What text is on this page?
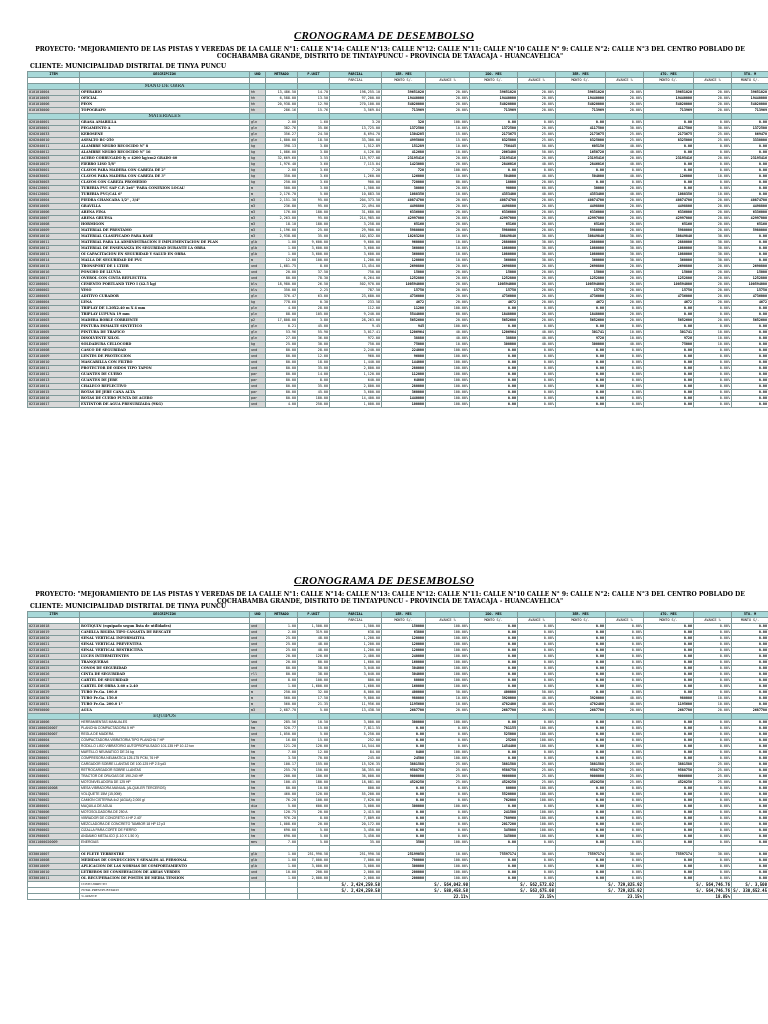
CRONOGRAMA DE DESEMBOLSO
PROYECTO: "MEJORAMIENTO DE LAS PISTAS Y VEREDAS DE LA CALLE N°1: CALLE N°14: CALLE N°13: CALLE N°12: CALLE N°11: CALLE N°10 CALLE N° 9: CALLE N°2: CALLE N°3 DEL CENTRO POBLADO DE COCHABAMBA GRANDE, DISTRITO DE TINTAYPUNCU - PROVINCIA DE TAYACAJA - HUANCAVELICA"
CLIENTE: MUNICIPALIDAD DISTRITAL DE TINYA PUNCU
ITEM	DESCRIPCION	UND	METRADO	P.UNIT	PARCIAL	1ER. MES		2DO. MES		3ER. MES		4TO. MES		5TO. M
					PARCIAL	MONTO S/.	AVANCE %	MONTO S/.	AVANCE %	MONTO S/.	AVANCE %	MONTO S/.	AVANCE %	MONTO S/.
	MANO DE OBRA													
0101010004	OPERARIO	hh	13,486.50	14.70	198,255.10	39651020	20.00%	39651020	20.00%	39651020	20.00%	39651020	20.00%	39651020
0101010005	OFICIAL	hh	6,588.00	13.50	97,200.00	19440000	20.00%	19440000	20.00%	19440000	20.00%	19440000	20.00%	19440000
0101010006	PEON	hh	20,938.00	12.90	270,100.00	54020000	20.00%	54020000	20.00%	54020000	20.00%	54020000	20.00%	54020000
0101030000	TOPOGRAFO	hh	286.16	15.76	3,569.84	713969	20.00%	713969	20.00%	713969	20.00%	713969	20.00%	713969
	MATERIALES													
0201040001	GRASA AMARILLA	gln	2.00	1.60	3.20	320	100.00%	0.00	0.00%	0.00	0.00%	0.00	0.00%	0.00
0201050001	PEGAMENTO A	gln	382.76	35.86	13,725.00	1372500	10.00%	1372500	20.00%	4117500	30.00%	4117500	30.00%	1372500
0202010033	KEROSENE	gln	356.27	24.50	8,694.70	1304205	15.00%	2173675	25.00%	2173675	25.00%	2173675	25.00%	869470
0202040010	ASFALTO RC-250	gln	1,800.00	18.50	33,300.00	4995000	15.00%	8325000	25.00%	8325000	25.00%	8325000	25.00%	3330000
0202040011	ALAMBRE NEGRO RECOCIDO N° 8	kg	398.13	3.80	1,512.89	151289	10.00%	756445	50.00%	605156	40.00%	0.00	0.00%	0.00
0202040012	ALAMBRE NEGRO RECOCIDO N° 16	kg	1,086.00	3.80	4,126.80	412680	10.00%	2063400	50.00%	1650720	40.00%	0.00	0.00%	0.00
0203020003	ACERO CORRUGADO fy = 4200 kg/cm2 GRADO 60	kg	32,669.60	3.55	115,977.08	23195416	20.00%	23195416	20.00%	23195416	20.00%	23195416	20.00%	23195416
0204010029	FIERRO LISO 5/8"	kg	1,976.40	3.60	7,115.04	1423008	20.00%	2846016	40.00%	2846016	40.00%	0.00	0.00%	0.00
0204030001	CLAVOS PARA MADERA CON CABEZA DE 2"	kg	2.00	3.60	7.20	720	100.00%	0.00	0.00%	0.00	0.00%	0.00	0.00%	0.00
0204030002	CLAVOS PARA MADERA CON CABEZA DE 3"	kg	350.00	3.60	1,260.00	126000	10.00%	504000	40.00%	504000	40.00%	126000	10.00%	0.00
0204030003	CLAVOS CON CABEZA PROMEDIO	kg	250.00	3.60	900.00	720000	80.00%	18000	20.00%	0.00	0.00%	0.00	0.00%	0.00
0204120001	TUBERIA PVC SAP C.P. 2x6" 'PARA CONEXION LOCAL'	m	500.00	3.00	1,500.00	30000	20.00%	90000	60.00%	30000	20.00%	0.00	0.00%	0.00
0204120002	TUBERIA PVC/CAL 6"	m	2,176.70	5.00	10,883.50	1088350	10.00%	4353400	40.00%	4353400	40.00%	1088350	10.00%	0.00
0205010004	PIEDRA CHANCADA 1/2" , 3/4"	m3	2,151.30	95.00	204,373.50	40874700	20.00%	40874700	20.00%	40874700	20.00%	40874700	20.00%	40874700
0205010005	GRAVILLA	m3	236.80	95.00	22,494.00	4498800	20.00%	4498800	20.00%	4498800	20.00%	4498800	20.00%	4498800
0205010006	ARENA FINA	m3	176.00	180.00	31,680.00	6336000	20.00%	6336000	20.00%	6336000	20.00%	6336000	20.00%	6336000
0205010007	ARENA GRUESA	m3	2,263.00	95.00	214,985.00	42997000	20.00%	42997000	20.00%	42997000	20.00%	42997000	20.00%	42997000
0205010008	HORMIGON	m3	18.10	180.00	3,258.00	65160	20.00%	65160	20.00%	65160	20.00%	65160	20.00%	65160
0205010009	MATERIAL DE PRESTAMO	m3	1,196.00	25.00	29,900.00	5980000	20.00%	5980000	20.00%	5980000	20.00%	5980000	20.00%	5980000
0205010010	MATERIAL CLASIFICADO PARA BASE	m3	2,938.08	35.00	102,832.80	10283280	10.00%	30849840	30.00%	30849840	30.00%	30849840	30.00%	0.00
0205010011	MATERIAL PARA LA ADMINISTRACION E IMPLEMENTACION DE PLAN	glb	1.00	9,600.00	9,600.00	960000	10.00%	2880000	30.00%	2880000	30.00%	2880000	30.00%	0.00
0205010012	MATERIAL DE ENSEÑANZA EN SEGURIDAD DURANTE LA OBRA	glb	1.00	3,600.00	3,600.00	360000	10.00%	1080000	30.00%	1080000	30.00%	1080000	30.00%	0.00
0205010013	OI CAPACITACION EN SEGURIDAD Y SALUD EN OBRA	glb	1.00	3,600.00	3,600.00	360000	10.00%	1080000	30.00%	1080000	30.00%	1080000	30.00%	0.00
0205010014	MALLA DE SEGURIDAD DE PVC	m	12.00	100.00	1,200.00	120000	10.00%	360000	30.00%	360000	30.00%	360000	30.00%	0.00
0205010015	TRONSPORT DE 1 LTIER	und	1,681.75	8.00	13,454.00	2690800	20.00%	2690800	20.00%	2690800	20.00%	2690800	20.00%	2690800
0205010016	PONCHO DE LLUVIA	und	20.00	37.50	750.00	15000	20.00%	15000	20.00%	15000	20.00%	15000	20.00%	15000
0205010017	OVEROL CON CINTA REFLECTIVA	und	80.00	78.30	6,264.00	1252800	20.00%	1252800	20.00%	1252800	20.00%	1252800	20.00%	1252800
0221000001	CEMENTO PORTLAND TIPO I (42.5 kg)	bls	18,980.00	26.50	502,970.00	100594000	20.00%	100594000	20.00%	100594000	20.00%	100594000	20.00%	100594000
0221000002	YESO	bls	350.00	2.25	787.50	15750	20.00%	15750	20.00%	15750	20.00%	15750	20.00%	15750
0221000003	ADITIVO CURADOR	gln	376.47	63.00	23,680.00	4736000	20.00%	4736000	20.00%	4736000	20.00%	4736000	20.00%	4736000
0221000004	LEÑA	kg	778.60	0.30	233.58	4672	20.00%	4672	20.00%	4672	20.00%	4672	20.00%	4672
0231010001	TRIPLAY DE 1.20X2.40 m X 4 mm	pln	4.00	28.00	112.00	11200	100.00%	0.00	0.00%	0.00	0.00%	0.00	0.00%	0.00
0231010002	TRIPLAY LUPUNA 19 mm	pln	88.00	105.00	9,240.00	5544000	60.00%	1848000	20.00%	1848000	20.00%	0.00	0.00%	0.00
0231010003	MADERA ROBLE CORRIENTE	p2	17,808.00	3.80	28,263.00	5652600	20.00%	5652600	20.00%	5652600	20.00%	5652600	20.00%	5652600
0231010004	PINTURA ESMALTE SINTETICO	gln	0.21	45.00	9.45	945	100.00%	0.00	0.00%	0.00	0.00%	0.00	0.00%	0.00
0231010005	PINTURA DE TRAFICO	gln	53.96	55.90	3,017.41	1206964	40.00%	1206964	40.00%	301741	10.00%	301741	10.00%	0.00
0231010006	DISOLVENTE XILOL	gln	27.00	36.00	972.00	38880	40.00%	38880	40.00%	9720	10.00%	9720	10.00%	0.00
0231010007	SOLDADURA CELLOCORD	kg	25.00	30.00	750.00	75000	10.00%	300000	40.00%	300000	40.00%	75000	10.00%	0.00
0231010008	CASCO DE SEGURIDAD	und	80.00	28.00	2,240.00	224000	100.00%	0.00	0.00%	0.00	0.00%	0.00	0.00%	0.00
0231010009	LENTES DE PROTECCION	und	80.00	12.00	960.00	96000	100.00%	0.00	0.00%	0.00	0.00%	0.00	0.00%	0.00
0231010010	MASCARILLA CON FILTRO	und	80.00	18.00	1,440.00	144000	100.00%	0.00	0.00%	0.00	0.00%	0.00	0.00%	0.00
0231010011	PROTECTOR DE OIDOS TIPO TAPON	und	80.00	35.00	2,800.00	280000	100.00%	0.00	0.00%	0.00	0.00%	0.00	0.00%	0.00
0231010012	GUANTES DE CUERO	par	80.00	14.00	1,120.00	112000	100.00%	0.00	0.00%	0.00	0.00%	0.00	0.00%	0.00
0231010013	GUANTES DE JEBE	par	80.00	8.00	640.00	64000	100.00%	0.00	0.00%	0.00	0.00%	0.00	0.00%	0.00
0231010014	CHALECO REFLECTIVO	und	80.00	35.00	2,800.00	280000	100.00%	0.00	0.00%	0.00	0.00%	0.00	0.00%	0.00
0231010015	BOTAS DE JEBE CAÑA ALTA	par	80.00	45.00	3,600.00	360000	100.00%	0.00	0.00%	0.00	0.00%	0.00	0.00%	0.00
0231010016	BOTAS DE CUERO PUNTA DE ACERO	par	80.00	180.00	14,400.00	1440000	100.00%	0.00	0.00%	0.00	0.00%	0.00	0.00%	0.00
0231010017	EXTINTOR DE AGUA PRESURIZADA (9KG)	und	4.00	250.00	1,000.00	100000	100.00%	0.00	0.00%	0.00	0.00%	0.00	0.00%	0.00
CRONOGRAMA DE DESEMBOLSO
PROYECTO: "MEJORAMIENTO DE LAS PISTAS Y VEREDAS DE LA CALLE N°1: CALLE N°14: CALLE N°13: CALLE N°12: CALLE N°11: CALLE N°10 CALLE N° 9: CALLE N°2: CALLE N°3 DEL CENTRO POBLADO DE COCHABAMBA GRANDE, DISTRITO DE TINTAYPUNCU - PROVINCIA DE TAYACAJA - HUANCAVELICA"
CLIENTE: MUNICIPALIDAD DISTRITAL DE TINYA PUNCU
ITEM	DESCRIPCION	UND	METRADO	P.UNIT	PARCIAL	1ER. MES		2DO. MES		3ER. MES		4TO. MES		5TO. M
					PARCIAL	MONTO S/.	AVANCE %	MONTO S/.	AVANCE %	MONTO S/.	AVANCE %	MONTO S/.	AVANCE %	MONTO S/.
0231010018	BOTIQUIN (equipado segun lista de utilidades)	und	1.00	1,500.00	1,500.00	150000	100.00%	0.00	0.00%	0.00	0.00%	0.00	0.00%	0.00
0231010019	CAMILLA RIGIDA TIPO CANASTA DE RESCATE	und	2.00	319.00	638.00	63800	100.00%	0.00	0.00%	0.00	0.00%	0.00	0.00%	0.00
0231010020	SEÑAL VERTICAL INFORMATIVA	und	25.00	48.00	1,200.00	120000	100.00%	0.00	0.00%	0.00	0.00%	0.00	0.00%	0.00
0231010021	SEÑAL VERTICAL PREVENTIVA	und	25.00	48.00	1,200.00	120000	100.00%	0.00	0.00%	0.00	0.00%	0.00	0.00%	0.00
0231010022	SEÑAL VERTICAL RESTRICTIVA	und	25.00	48.00	1,200.00	120000	100.00%	0.00	0.00%	0.00	0.00%	0.00	0.00%	0.00
0231010023	LUCES INTERMITENTES	und	20.00	120.00	2,400.00	240000	100.00%	0.00	0.00%	0.00	0.00%	0.00	0.00%	0.00
0231010024	TRANQUERAS	und	20.00	80.00	1,600.00	160000	100.00%	0.00	0.00%	0.00	0.00%	0.00	0.00%	0.00
0231010025	CONOS DE SEGURIDAD	und	80.00	38.00	3,040.00	304000	100.00%	0.00	0.00%	0.00	0.00%	0.00	0.00%	0.00
0231010026	CINTA DE SEGURIDAD	rll	80.00	38.00	3,040.00	304000	100.00%	0.00	0.00%	0.00	0.00%	0.00	0.00%	0.00
0231010027	CARTEL DE SEGURIDAD	und	8.00	100.00	800.00	80000	100.00%	0.00	0.00%	0.00	0.00%	0.00	0.00%	0.00
0231010028	CARTEL DE OBRA 3.60 x 2.40	und	1.00	1,600.00	1,600.00	160000	100.00%	0.00	0.00%	0.00	0.00%	0.00	0.00%	0.00
0231010029	TUBO Fe.Ga. 100.0	m	250.00	32.00	8,000.00	400000	50.00%	400000	50.00%	0.00	0.00%	0.00	0.00%	0.00
0231010030	TUBO Fe.Ga. 150.0	m	560.00	17.50	9,800.00	980000	10.00%	3920000	40.00%	3920000	40.00%	980000	10.00%	0.00
0231010031	TUBO Fe.Ga. 200.0 1"	m	560.00	21.35	11,956.00	1195600	10.00%	4782400	40.00%	4782400	40.00%	1195600	10.00%	0.00
0239050000	AGUA	m3	2,687.70	5.00	13,438.50	2687700	20.00%	2687700	20.00%	2687700	20.00%	2687700	20.00%	2687700
	EQUIPOS													
0301010006	HERRAMIENTAS MANUALES	%mo	285.56	10.50	3,000.00	300000	100.00%	0.00	0.00%	0.00	0.00%	0.00	0.00%	0.00
03011000020007	PLANCHA COMPACTADORA 5 HP	hm	520.77	15.00	7,811.55	0.00	0.00%	781155	100.00%	0.00	0.00%	0.00	0.00%	0.00
03011000030007	REGLA DE MADERA	und	1,050.00	5.00	5,250.00	0.00	0.00%	525000	100.00%	0.00	0.00%	0.00	0.00%	0.00
0301100004	COMPACTADORA VIBRATORIA TIPO PLANCHA 7 HP	hm	16.80	15.00	252.00	0.00	0.00%	25200	100.00%	0.00	0.00%	0.00	0.00%	0.00
0301100006	RODILLO LISO VIBRATORIO AUTOPROPULSADO 101-135 HP 10-12 ton	hm	121.20	120.00	14,544.00	0.00	0.00%	1454400	100.00%	0.00	0.00%	0.00	0.00%	0.00
0301200001	MARTILLO NEUMATICO DE 24 kg	hm	7.00	12.00	84.00	8400	100.00%	0.00	0.00%	0.00	0.00%	0.00	0.00%	0.00
0301300001	COMPRESORA NEUMATICA 125-175 PCM, 76 HP	hm	3.50	70.00	245.00	24500	100.00%	0.00	0.00%	0.00	0.00%	0.00	0.00%	0.00
0301400001	CARGADOR SOBRE LLANTAS DE 100-125 HP 2.5 yd3	hm	100.17	155.00	15,526.35	3881588	25.00%	3881588	25.00%	3881588	25.00%	3881588	25.00%	0.00
0301400002	RETROCARGADOR SOBRE LLANTAS	hm	255.70	150.00	38,355.00	9588750	25.00%	9588750	25.00%	9588750	25.00%	9588750	25.00%	0.00
0301500001	TRACTOR DE ORUGAS DE 190-240 HP	hm	200.00	180.00	36,000.00	9000000	25.00%	9000000	25.00%	9000000	25.00%	9000000	25.00%	0.00
0301600001	MOTONIVELADORA DE 125 HP	hm	100.45	180.00	18,081.00	4520250	25.00%	4520250	25.00%	4520250	25.00%	4520250	25.00%	0.00
03011000010008	MESA VIBRADORA MANUAL (ALQUILER TERCEROS)	hm	80.00	10.00	800.00	0.00	0.00%	80000	100.00%	0.00	0.00%	0.00	0.00%	0.00
0301700001	VOLQUETE 15M (15,00M)	hm	460.00	120.00	55,200.00	0.00	0.00%	5520000	100.00%	0.00	0.00%	0.00	0.00%	0.00
0301700002	CAMION CISTERNA 4x2 (AGUA) 2,000 gl	hm	76.20	100.00	7,620.00	0.00	0.00%	762000	100.00%	0.00	0.00%	0.00	0.00%	0.00
0301800001	MAQUILA DE AGUA	dia	5.00	600.00	3,000.00	300000	100.00%	0.00	0.00%	0.00	0.00%	0.00	0.00%	0.00
0301700006	MOTOSOLDADORA DE 250 A	hm	120.75	20.00	2,415.00	0.00	0.00%	241500	100.00%	0.00	0.00%	0.00	0.00%	0.00
0301700007	VIBRADOR DE CONCRETO 4 HP 2.40"	hm	976.20	8.00	7,809.60	0.00	0.00%	780960	100.00%	0.00	0.00%	0.00	0.00%	0.00
0301900001	MEZCLADORA DE CONCRETO TAMBOR 18 HP 12 p3	hm	1,008.60	20.00	20,172.00	0.00	0.00%	2017200	100.00%	0.00	0.00%	0.00	0.00%	0.00
0301900002	CIZALLA PARA CORTE DE FIERRO	hm	690.00	5.00	3,450.00	0.00	0.00%	345000	100.00%	0.00	0.00%	0.00	0.00%	0.00
0301900003	ANDAMIO METALICO (1.10 X 1.50 X)	hm	690.00	5.00	3,450.00	0.00	0.00%	345000	100.00%	0.00	0.00%	0.00	0.00%	0.00
03011000020009	ENERGIAS	mes	7.00	5.00	35.00	3500	100.00%	0.00	0.00%	0.00	0.00%	0.00	0.00%	0.00

0330010007	OI FLETE TERRESTRE	glb	1.00	251,990.58	251,990.58	25199058	10.00%	75597174	30.00%	75597174	30.00%	75597174	30.00%	0.00
0330010008	MEDIDAS DE CONDUCCION Y SEÑALES AL PERSONAL	glb	1.00	7,000.00	7,000.00	700000	100.00%	0.00	0.00%	0.00	0.00%	0.00	0.00%	0.00
0330010009	APLICACION DE LAS NORMAS DE COMPORTAMIENTO	glb	1.00	3,000.00	3,000.00	300000	100.00%	0.00	0.00%	0.00	0.00%	0.00	0.00%	0.00
0330010010	LETREROS DE CONSERVACION DE AREAS VERDES	und	10.00	200.00	2,000.00	200000	100.00%	0.00	0.00%	0.00	0.00%	0.00	0.00%	0.00
0330010011	OI. RECUPERACION DE POSTES DE MEDIA TENSION	und	1.00	2,000.00	2,000.00	200000	100.00%	0.00	0.00%	0.00	0.00%	0.00	0.00%	0.00
	COSTO DIRECTO			S/. 2,424,259.58		S/. 564,042.90		S/. 562,572.02		S/. 729,825.92		S/. 564,746.76		S/. 3,500
	TOTAL PRESUPUESTADO			S/. 2,424,259.58		S/. 588,458.58		S/. 563,675.08		S/. 729,825.92		S/. 564,746.76		S/. 330,652.45
	% AVANCE					22.11%		23.15%		23.15%		18.85%		
